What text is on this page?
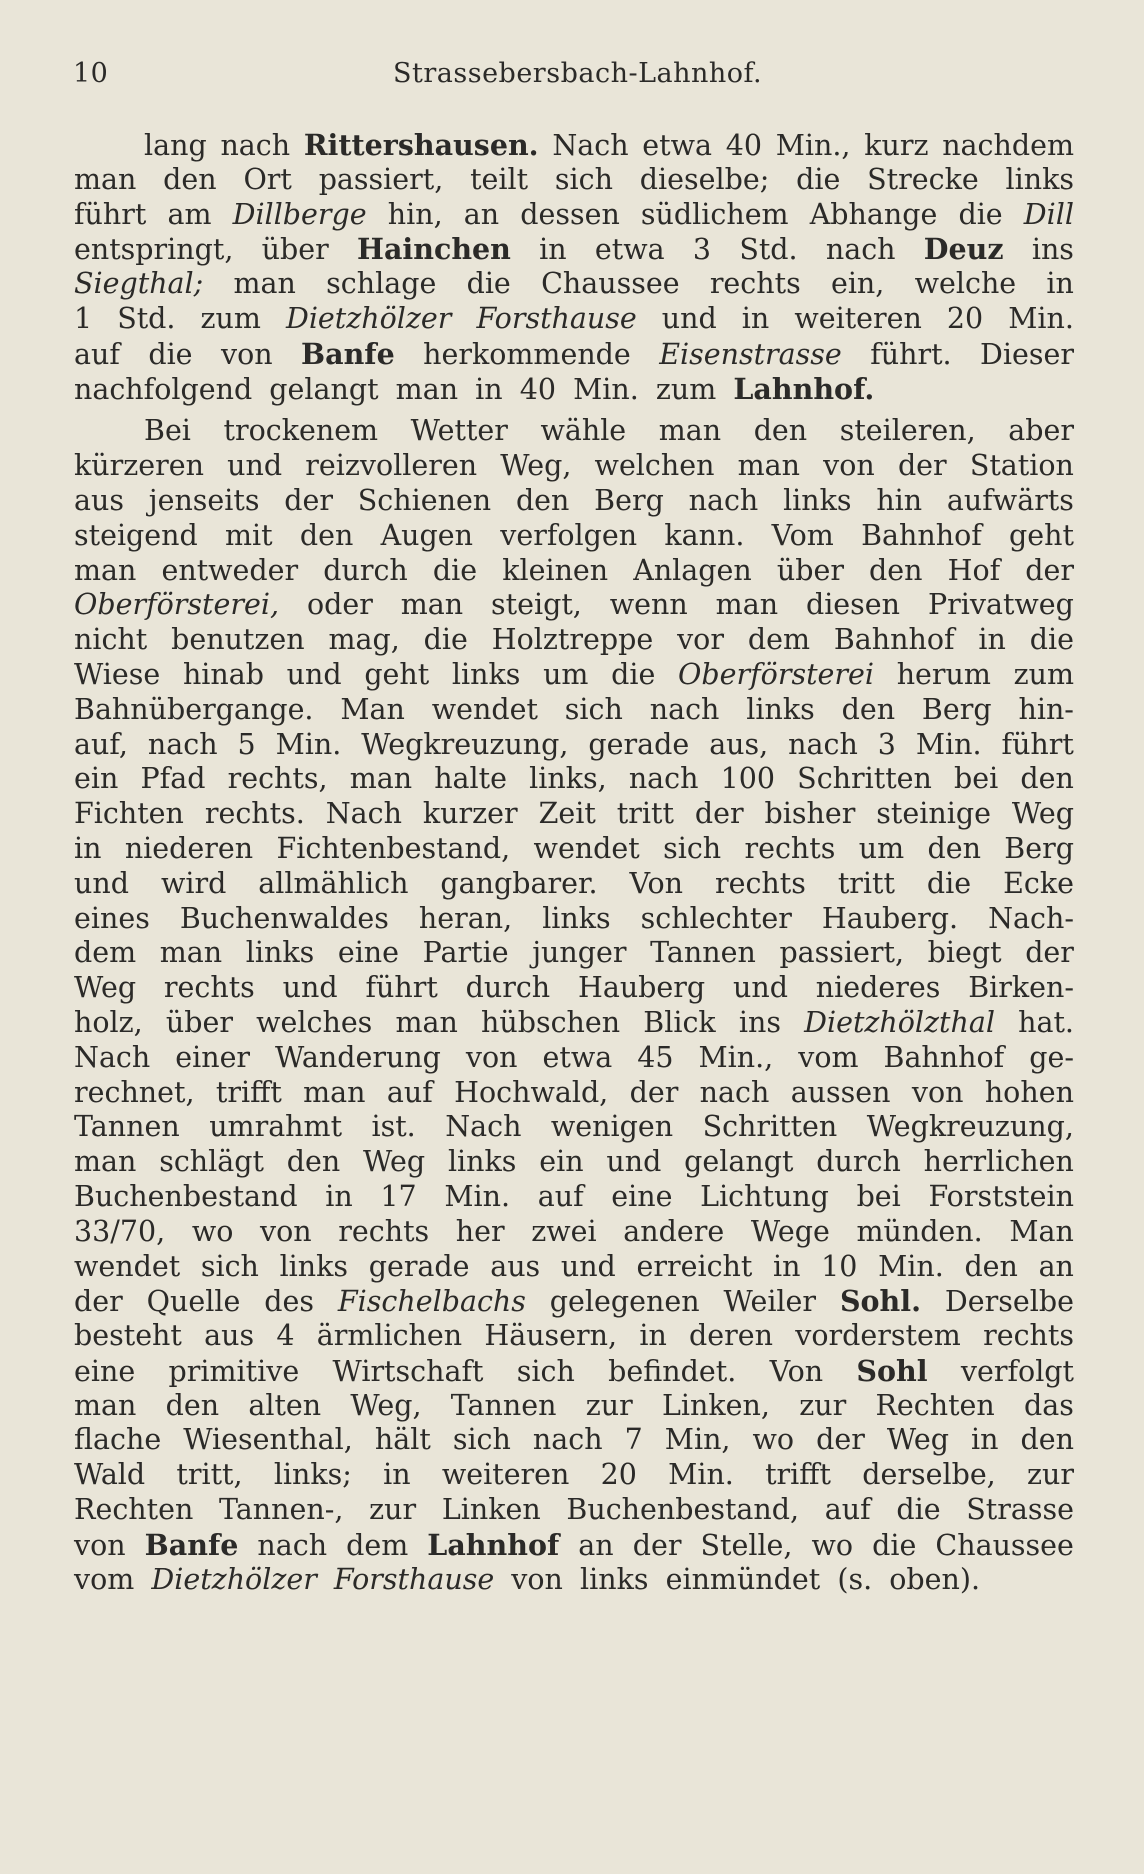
10	Strassebersbach-Lahnhof.
lang nach Rittershausen. Nach etwa 40 Min., kurz nachdem
man den Ort passiert, teilt sich dieselbe; die Strecke links
führt am Dillberge hin, an dessen südlichem Abhange die Dill
entspringt, über Hainchen in etwa 3 Std. nach Deuz ins
Siegthal; man schlage die Chaussee rechts ein, welche in
1 Std. zum Dietzhölzer Forsthause und in weiteren 20 Min.
auf die von Banfe herkommende Eisenstrasse führt. Dieser
nachfolgend gelangt man in 40 Min. zum Lahnhof.
Bei trockenem Wetter wähle man den steileren, aber
kürzeren und reizvolleren Weg, welchen man von der Station
aus jenseits der Schienen den Berg nach links hin aufwärts
steigend mit den Augen verfolgen kann. Vom Bahnhof geht
man entweder durch die kleinen Anlagen über den Hof der
Oberförsterei, oder man steigt, wenn man diesen Privatweg
nicht benutzen mag, die Holztreppe vor dem Bahnhof in die
Wiese hinab und geht links um die Oberförsterei herum zum
Bahnübergange. Man wendet sich nach links den Berg hin-
auf, nach 5 Min. Wegkreuzung, gerade aus, nach 3 Min. führt
ein Pfad rechts, man halte links, nach 100 Schritten bei den
Fichten rechts. Nach kurzer Zeit tritt der bisher steinige Weg
in niederen Fichtenbestand, wendet sich rechts um den Berg
und wird allmählich gangbarer. Von rechts tritt die Ecke
eines Buchenwaldes heran, links schlechter Hauberg. Nach-
dem man links eine Partie junger Tannen passiert, biegt der
Weg rechts und führt durch Hauberg und niederes Birken-
holz, über welches man hübschen Blick ins Dietzhölzthal hat.
Nach einer Wanderung von etwa 45 Min., vom Bahnhof ge-
rechnet, trifft man auf Hochwald, der nach aussen von hohen
Tannen umrahmt ist. Nach wenigen Schritten Wegkreuzung,
man schlägt den Weg links ein und gelangt durch herrlichen
Buchenbestand in 17 Min. auf eine Lichtung bei Forststein
33/70, wo von rechts her zwei andere Wege münden. Man
wendet sich links gerade aus und erreicht in 10 Min. den an
der Quelle des Fischelbachs gelegenen Weiler Sohl. Derselbe
besteht aus 4 ärmlichen Häusern, in deren vorderstem rechts
eine primitive Wirtschaft sich befindet. Von Sohl verfolgt
man den alten Weg, Tannen zur Linken, zur Rechten das
flache Wiesenthal, hält sich nach 7 Min, wo der Weg in den
Wald tritt, links; in weiteren 20 Min. trifft derselbe, zur
Rechten Tannen-, zur Linken Buchenbestand, auf die Strasse
von Banfe nach dem Lahnhof an der Stelle, wo die Chaussee
vom Dietzhölzer Forsthause von links einmündet (s. oben).
